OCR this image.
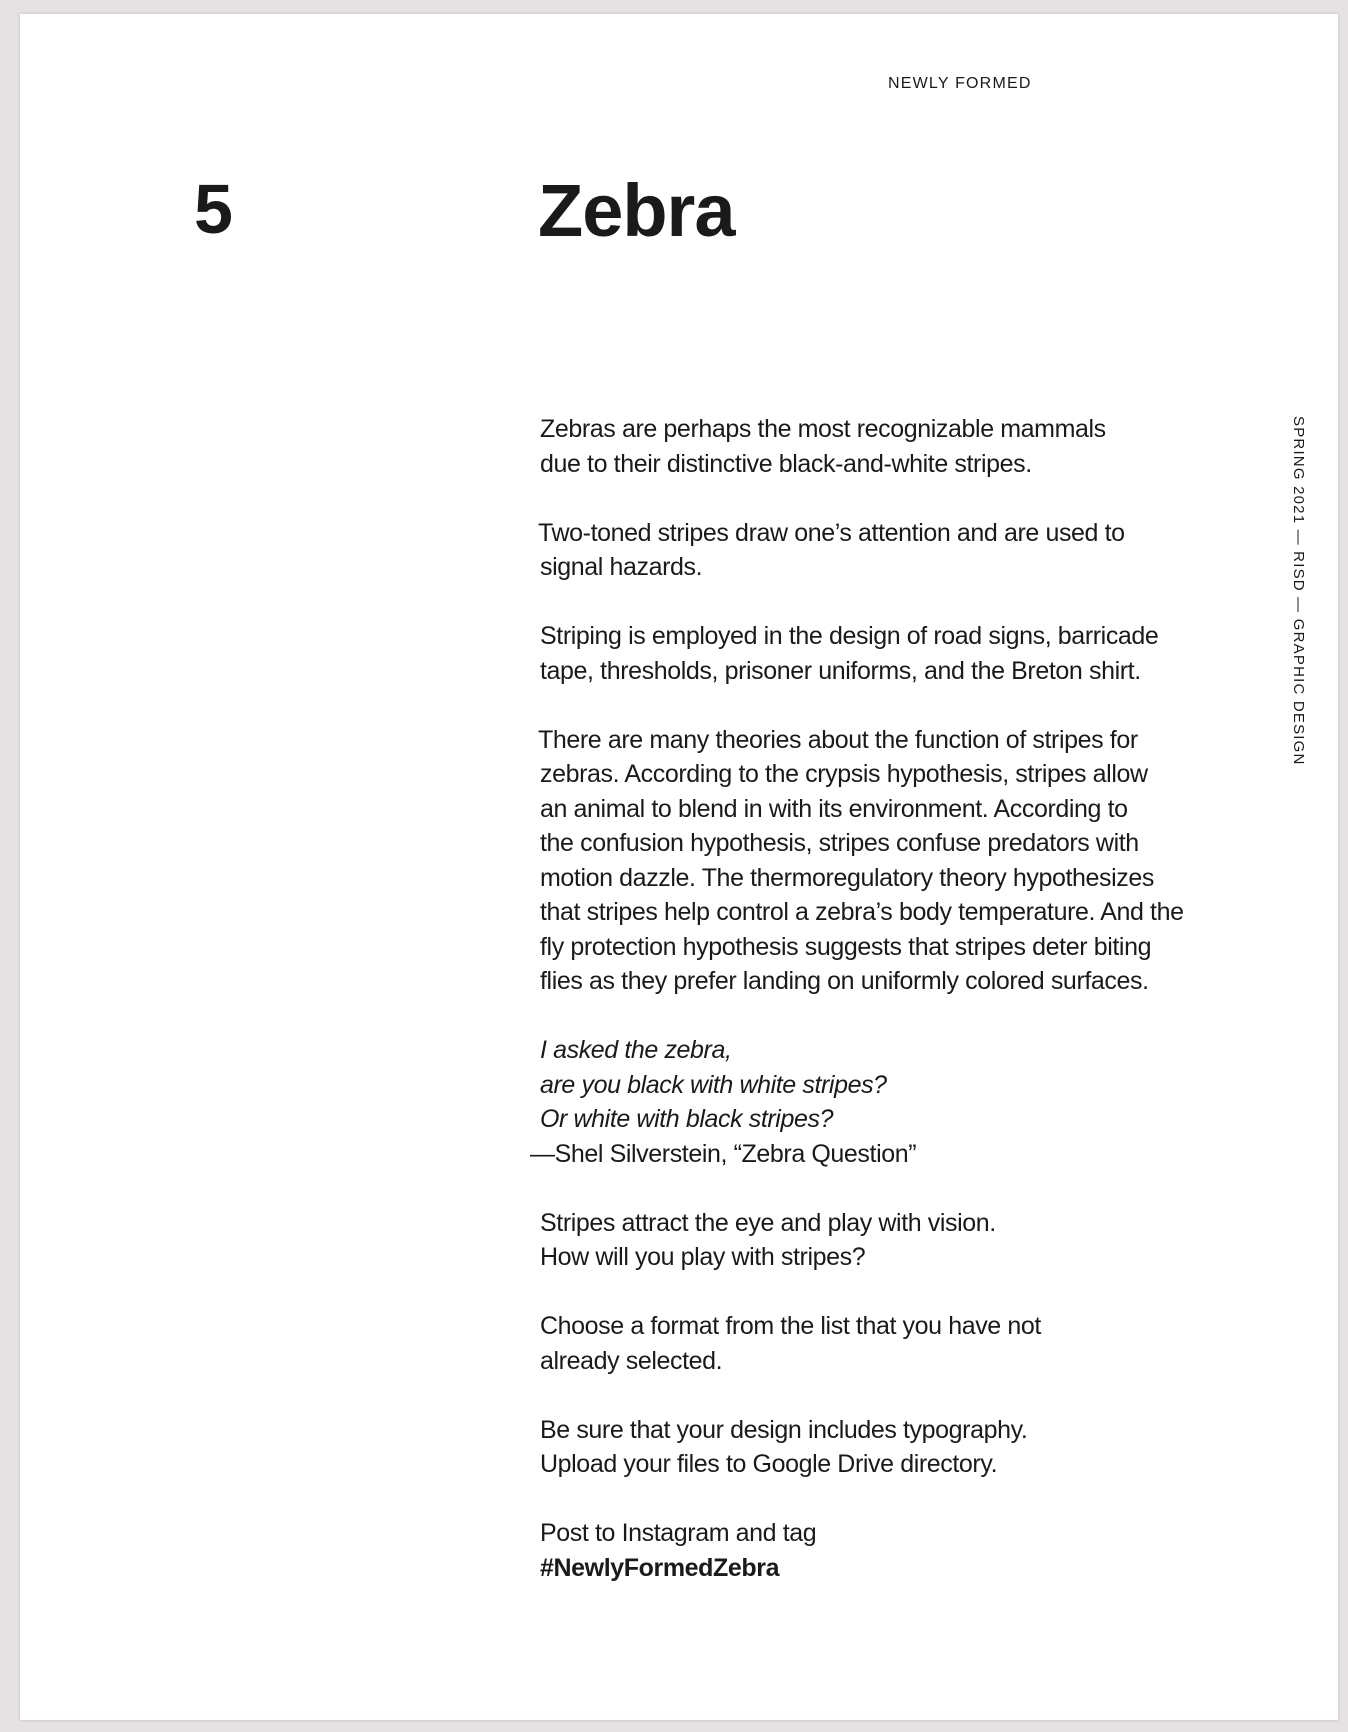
NEWLY FORMED
5	Zebra
SPRING 2021 — RISD — GRAPHIC DESIGN

Zebras are perhaps the most recognizable mammals
due to their distinctive black-and-white stripes.

Two-toned stripes draw one’s attention and are used to
signal hazards.

Striping is employed in the design of road signs, barricade
tape, thresholds, prisoner uniforms, and the Breton shirt.

There are many theories about the function of stripes for
zebras. According to the crypsis hypothesis, stripes allow
an animal to blend in with its environment. According to
the confusion hypothesis, stripes confuse predators with
motion dazzle. The thermoregulatory theory hypothesizes
that stripes help control a zebra’s body temperature. And the
fly protection hypothesis suggests that stripes deter biting
flies as they prefer landing on uniformly colored surfaces.

I asked the zebra,
are you black with white stripes?
Or white with black stripes?
—Shel Silverstein, “Zebra Question”

Stripes attract the eye and play with vision.
How will you play with stripes?

Choose a format from the list that you have not
already selected.

Be sure that your design includes typography.
Upload your files to Google Drive directory.

Post to Instagram and tag
#NewlyFormedZebra
